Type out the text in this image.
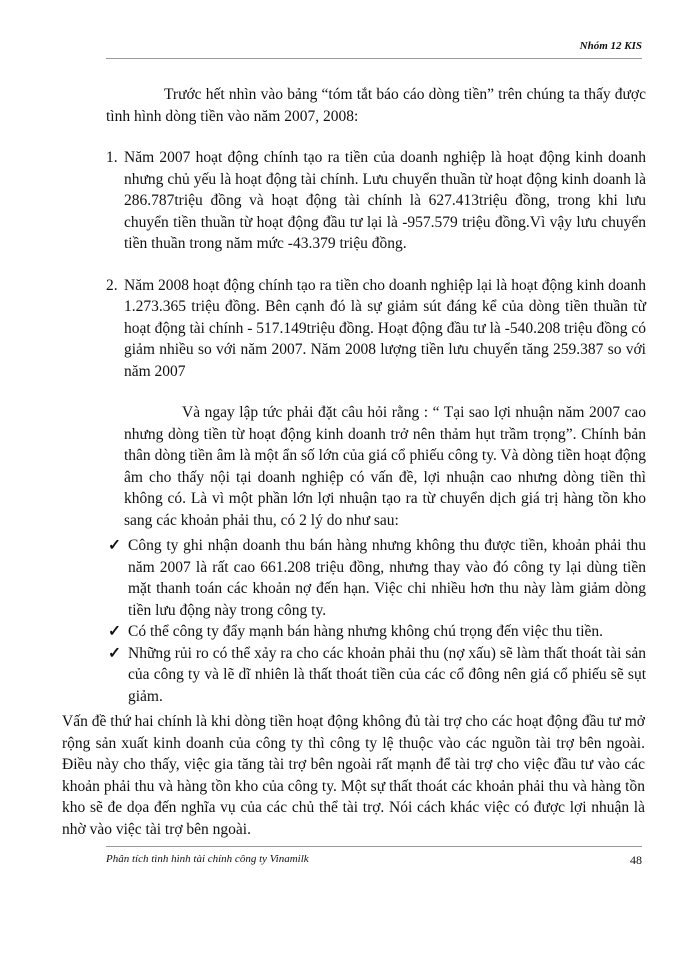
Nhóm 12 KIS

Trước hết nhìn vào bảng “tóm tắt báo cáo dòng tiền” trên chúng ta thấy được tình hình dòng tiền vào năm 2007, 2008:

1. Năm 2007 hoạt động chính tạo ra tiền của doanh nghiệp là hoạt động kinh doanh nhưng chủ yếu là hoạt động tài chính. Lưu chuyển thuần từ hoạt động kinh doanh là 286.787triệu đồng và hoạt động tài chính là 627.413triệu đồng, trong khi lưu chuyển tiền thuần từ hoạt động đầu tư lại là -957.579 triệu đồng.Vì vậy lưu chuyển tiền thuần trong năm mức -43.379 triệu đồng.
2. Năm 2008 hoạt động chính tạo ra tiền cho doanh nghiệp lại là hoạt động kinh doanh 1.273.365 triệu đồng. Bên cạnh đó là sự giảm sút đáng kể của dòng tiền thuần từ hoạt động tài chính - 517.149triệu đồng. Hoạt động đầu tư là -540.208 triệu đồng có giảm nhiều so với năm 2007. Năm 2008 lượng tiền lưu chuyển tăng 259.387 so với năm 2007

Và ngay lập tức phải đặt câu hỏi rằng : “ Tại sao lợi nhuận năm 2007 cao nhưng dòng tiền từ hoạt động kinh doanh trở nên thảm hụt trầm trọng”. Chính bản thân dòng tiền âm là một ẩn số lớn của giá cổ phiếu công ty. Và dòng tiền hoạt động âm cho thấy nội tại doanh nghiệp có vấn đề, lợi nhuận cao nhưng dòng tiền thì không có. Là vì một phần lớn lợi nhuận tạo ra từ chuyển dịch giá trị hàng tồn kho sang các khoản phải thu, có 2 lý do như sau:

✓ Công ty ghi nhận doanh thu bán hàng nhưng không thu được tiền, khoản phải thu năm 2007 là rất cao 661.208 triệu đồng, nhưng thay vào đó công ty lại dùng tiền mặt thanh toán các khoản nợ đến hạn. Việc chi nhiều hơn thu này làm giảm dòng tiền lưu động này trong công ty.
✓ Có thể công ty đẩy mạnh bán hàng nhưng không chú trọng đến việc thu tiền.
✓ Những rủi ro có thể xảy ra cho các khoản phải thu (nợ xấu) sẽ làm thất thoát tài sản của công ty và lẽ dĩ nhiên là thất thoát tiền của các cổ đông nên giá cổ phiếu sẽ sụt giảm.

Vấn đề thứ hai chính là khi dòng tiền hoạt động không đủ tài trợ cho các hoạt động đầu tư mở rộng sản xuất kinh doanh của công ty thì công ty lệ thuộc vào các nguồn tài trợ bên ngoài. Điều này cho thấy, việc gia tăng tài trợ bên ngoài rất mạnh để tài trợ cho việc đầu tư vào các khoản phải thu và hàng tồn kho của công ty. Một sự thất thoát các khoản phải thu và hàng tồn kho sẽ đe dọa đến nghĩa vụ của các chủ thể tài trợ. Nói cách khác việc có được lợi nhuận là nhờ vào việc tài trợ bên ngoài.

Phân tích tình hình tài chính công ty Vinamilk	48
